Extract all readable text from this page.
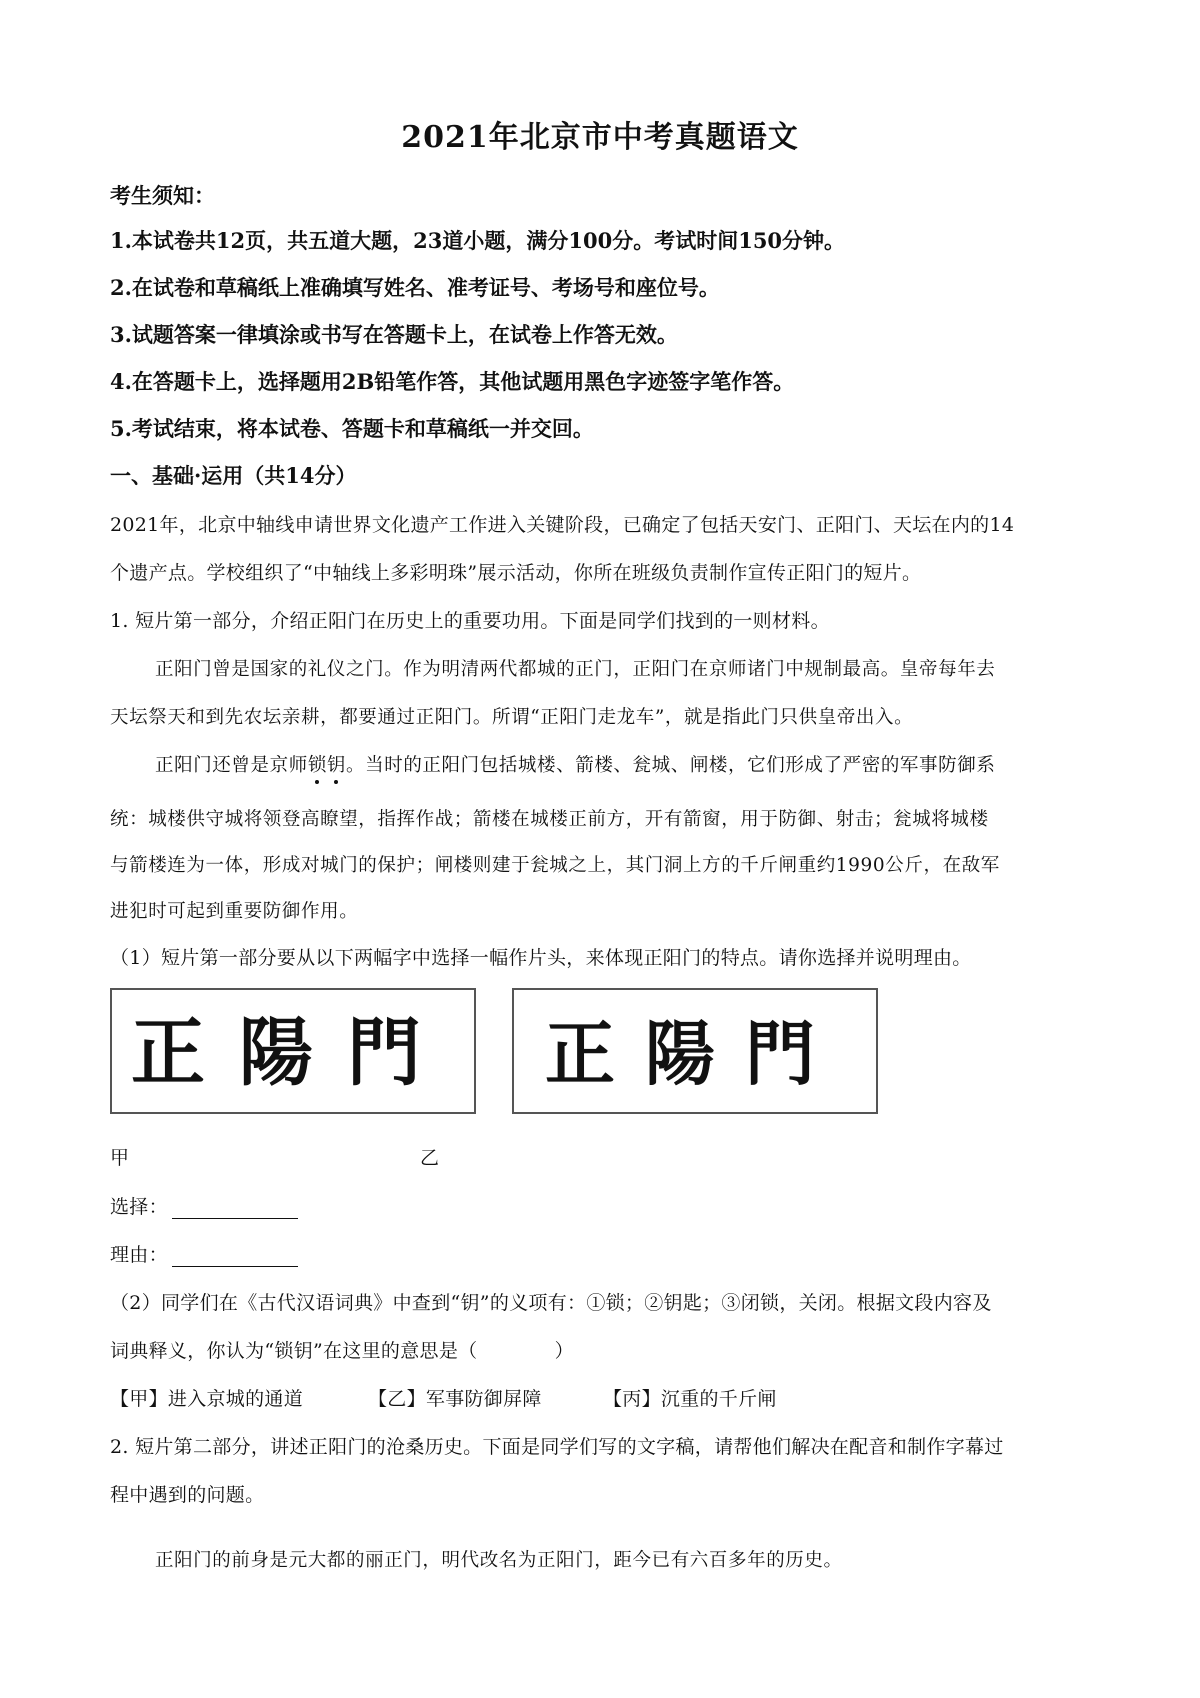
2021年北京市中考真题语文
考生须知：
1.本试卷共12页，共五道大题，23道小题，满分100分。考试时间150分钟。
2.在试卷和草稿纸上准确填写姓名、准考证号、考场号和座位号。
3.试题答案一律填涂或书写在答题卡上，在试卷上作答无效。
4.在答题卡上，选择题用2B铅笔作答，其他试题用黑色字迹签字笔作答。
5.考试结束，将本试卷、答题卡和草稿纸一并交回。
一、基础·运用（共14分）
2021年，北京中轴线申请世界文化遗产工作进入关键阶段，已确定了包括天安门、正阳门、天坛在内的14
个遗产点。学校组织了“中轴线上多彩明珠”展示活动，你所在班级负责制作宣传正阳门的短片。
1. 短片第一部分，介绍正阳门在历史上的重要功用。下面是同学们找到的一则材料。
正阳门曾是国家的礼仪之门。作为明清两代都城的正门，正阳门在京师诸门中规制最高。皇帝每年去
天坛祭天和到先农坛亲耕，都要通过正阳门。所谓“正阳门走龙车”，就是指此门只供皇帝出入。
正阳门还曾是京师锁钥。当时的正阳门包括城楼、箭楼、瓮城、闸楼，它们形成了严密的军事防御系
统：城楼供守城将领登高瞭望，指挥作战；箭楼在城楼正前方，开有箭窗，用于防御、射击；瓮城将城楼
与箭楼连为一体，形成对城门的保护；闸楼则建于瓮城之上，其门洞上方的千斤闸重约1990公斤，在敌军
进犯时可起到重要防御作用。
（1）短片第一部分要从以下两幅字中选择一幅作片头，来体现正阳门的特点。请你选择并说明理由。
正陽門 正陽門
甲	乙
选择：
理由：
（2）同学们在《古代汉语词典》中查到“钥”的义项有：①锁；②钥匙；③闭锁，关闭。根据文段内容及
词典释义，你认为“锁钥”在这里的意思是（　　　　）
【甲】进入京城的通道	【乙】军事防御屏障	【丙】沉重的千斤闸
2. 短片第二部分，讲述正阳门的沧桑历史。下面是同学们写的文字稿，请帮他们解决在配音和制作字幕过
程中遇到的问题。
正阳门的前身是元大都的丽正门，明代改名为正阳门，距今已有六百多年的历史。
